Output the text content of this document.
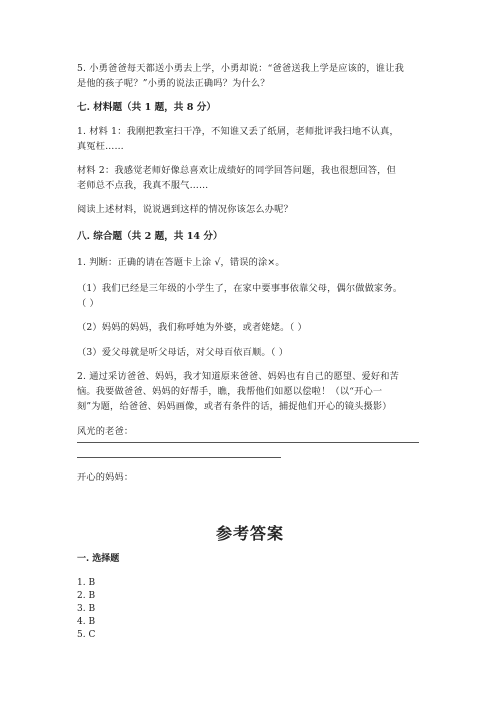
5. 小勇爸爸每天都送小勇去上学，小勇却说：“爸爸送我上学是应该的，谁让我
是他的孩子呢？”小勇的说法正确吗？为什么？
七. 材料题（共 1 题，共 8 分）
1. 材料 1：我刚把教室扫干净，不知谁又丢了纸屑，老师批评我扫地不认真，
真冤枉……
材料 2：我感觉老师好像总喜欢让成绩好的同学回答问题，我也很想回答，但
老师总不点我，我真不服气……
阅读上述材料，说说遇到这样的情况你该怎么办呢？
八. 综合题（共 2 题，共 14 分）
1. 判断：正确的请在答题卡上涂 √，错误的涂×。
（1）我们已经是三年级的小学生了，在家中要事事依靠父母，偶尔做做家务。
（ ）
（2）妈妈的妈妈，我们称呼她为外婆，或者姥姥。（ ）
（3）爱父母就是听父母话，对父母百依百顺。（ ）
2. 通过采访爸爸、妈妈，我才知道原来爸爸、妈妈也有自己的愿望、爱好和苦
恼。我要做爸爸、妈妈的好帮手，瞧，我帮他们如愿以偿啦！（以“开心一
刻”为题，给爸爸、妈妈画像，或者有条件的话，捕捉他们开心的镜头摄影）
风光的老爸：
开心的妈妈：
参考答案
一. 选择题
1. B
2. B
3. B
4. B
5. C
